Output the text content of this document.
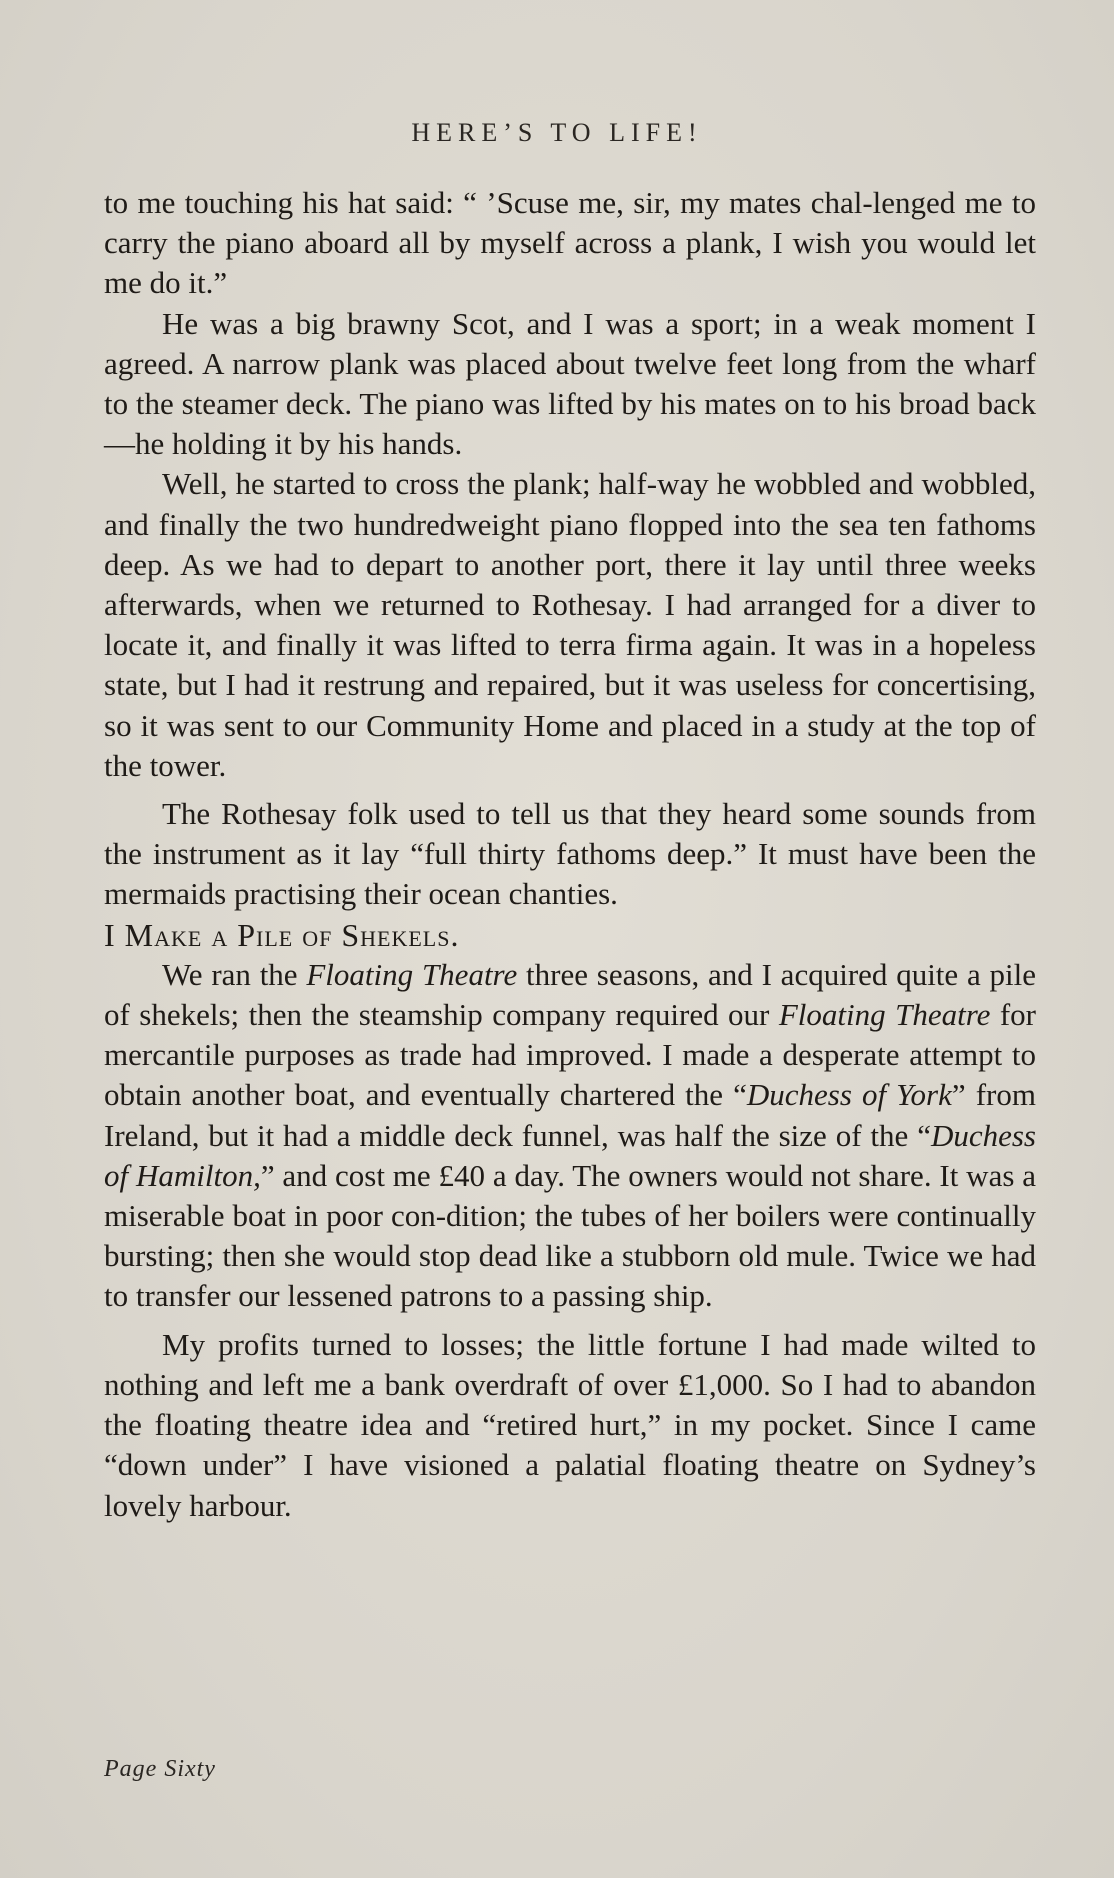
HERE’S TO LIFE!

to me touching his hat said: “ ’Scuse me, sir, my mates chal-lenged me to carry the piano aboard all by myself across a plank, I wish you would let me do it.”

He was a big brawny Scot, and I was a sport; in a weak moment I agreed. A narrow plank was placed about twelve feet long from the wharf to the steamer deck. The piano was lifted by his mates on to his broad back—he holding it by his hands.

Well, he started to cross the plank; half-way he wobbled and wobbled, and finally the two hundredweight piano flopped into the sea ten fathoms deep. As we had to depart to another port, there it lay until three weeks afterwards, when we returned to Rothesay. I had arranged for a diver to locate it, and finally it was lifted to terra firma again. It was in a hopeless state, but I had it restrung and repaired, but it was useless for concertising, so it was sent to our Community Home and placed in a study at the top of the tower.

The Rothesay folk used to tell us that they heard some sounds from the instrument as it lay “full thirty fathoms deep.” It must have been the mermaids practising their ocean chanties.

I Make a Pile of Shekels.

We ran the Floating Theatre three seasons, and I acquired quite a pile of shekels; then the steamship company required our Floating Theatre for mercantile purposes as trade had improved. I made a desperate attempt to obtain another boat, and eventually chartered the “Duchess of York” from Ireland, but it had a middle deck funnel, was half the size of the “Duchess of Hamilton,” and cost me £40 a day. The owners would not share. It was a miserable boat in poor con-dition; the tubes of her boilers were continually bursting; then she would stop dead like a stubborn old mule. Twice we had to transfer our lessened patrons to a passing ship.

My profits turned to losses; the little fortune I had made wilted to nothing and left me a bank overdraft of over £1,000. So I had to abandon the floating theatre idea and “retired hurt,” in my pocket. Since I came “down under” I have visioned a palatial floating theatre on Sydney’s lovely harbour.

Page Sixty
